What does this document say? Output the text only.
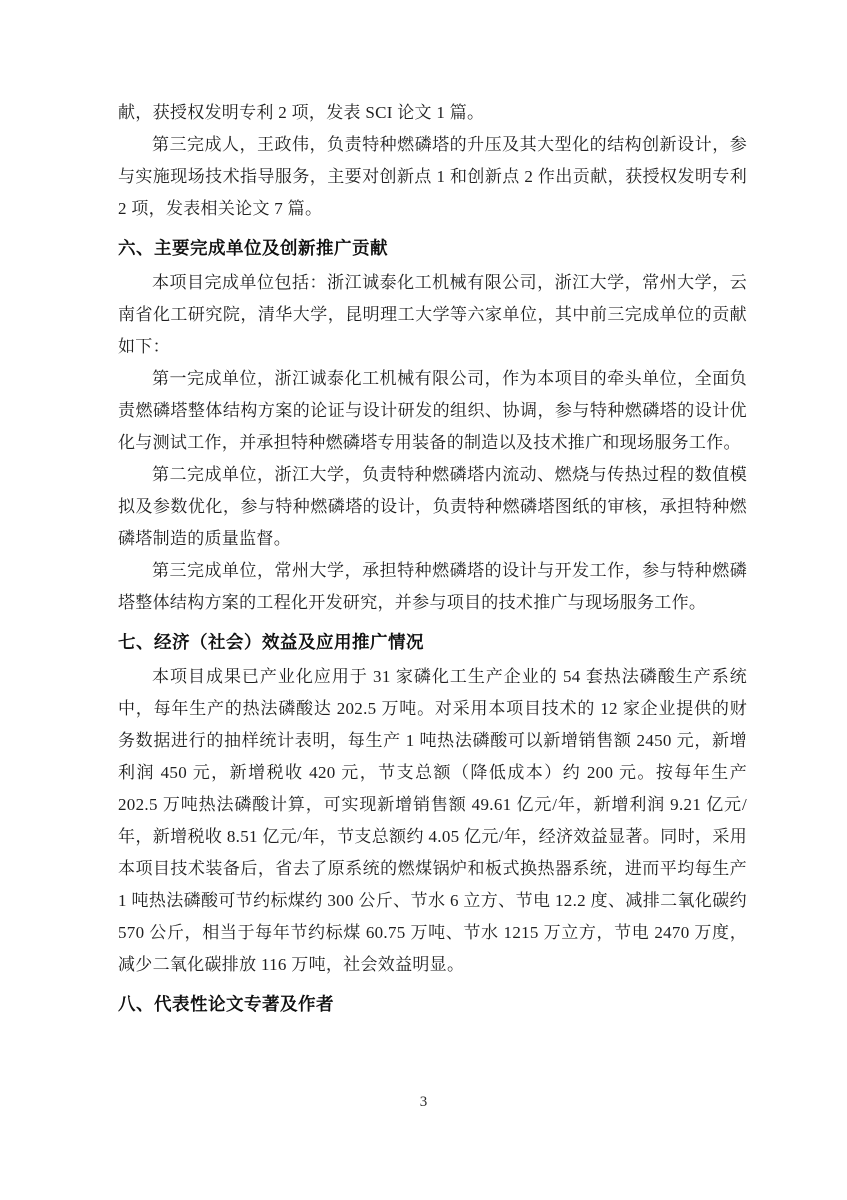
献，获授权发明专利 2 项，发表 SCI 论文 1 篇。

第三完成人，王政伟，负责特种燃磷塔的升压及其大型化的结构创新设计，参与实施现场技术指导服务，主要对创新点 1 和创新点 2 作出贡献，获授权发明专利 2 项，发表相关论文 7 篇。

六、主要完成单位及创新推广贡献

本项目完成单位包括：浙江诚泰化工机械有限公司，浙江大学，常州大学，云南省化工研究院，清华大学，昆明理工大学等六家单位，其中前三完成单位的贡献如下：

第一完成单位，浙江诚泰化工机械有限公司，作为本项目的牵头单位，全面负责燃磷塔整体结构方案的论证与设计研发的组织、协调，参与特种燃磷塔的设计优化与测试工作，并承担特种燃磷塔专用装备的制造以及技术推广和现场服务工作。

第二完成单位，浙江大学，负责特种燃磷塔内流动、燃烧与传热过程的数值模拟及参数优化，参与特种燃磷塔的设计，负责特种燃磷塔图纸的审核，承担特种燃磷塔制造的质量监督。

第三完成单位，常州大学，承担特种燃磷塔的设计与开发工作，参与特种燃磷塔整体结构方案的工程化开发研究，并参与项目的技术推广与现场服务工作。

七、经济（社会）效益及应用推广情况

本项目成果已产业化应用于 31 家磷化工生产企业的 54 套热法磷酸生产系统中，每年生产的热法磷酸达 202.5 万吨。对采用本项目技术的 12 家企业提供的财务数据进行的抽样统计表明，每生产 1 吨热法磷酸可以新增销售额 2450 元，新增利润 450 元，新增税收 420 元，节支总额（降低成本）约 200 元。按每年生产 202.5 万吨热法磷酸计算，可实现新增销售额 49.61 亿元/年，新增利润 9.21 亿元/年，新增税收 8.51 亿元/年，节支总额约 4.05 亿元/年，经济效益显著。同时，采用本项目技术装备后，省去了原系统的燃煤锅炉和板式换热器系统，进而平均每生产 1 吨热法磷酸可节约标煤约 300 公斤、节水 6 立方、节电 12.2 度、减排二氧化碳约 570 公斤，相当于每年节约标煤 60.75 万吨、节水 1215 万立方，节电 2470 万度，减少二氧化碳排放 116 万吨，社会效益明显。

八、代表性论文专著及作者
3
